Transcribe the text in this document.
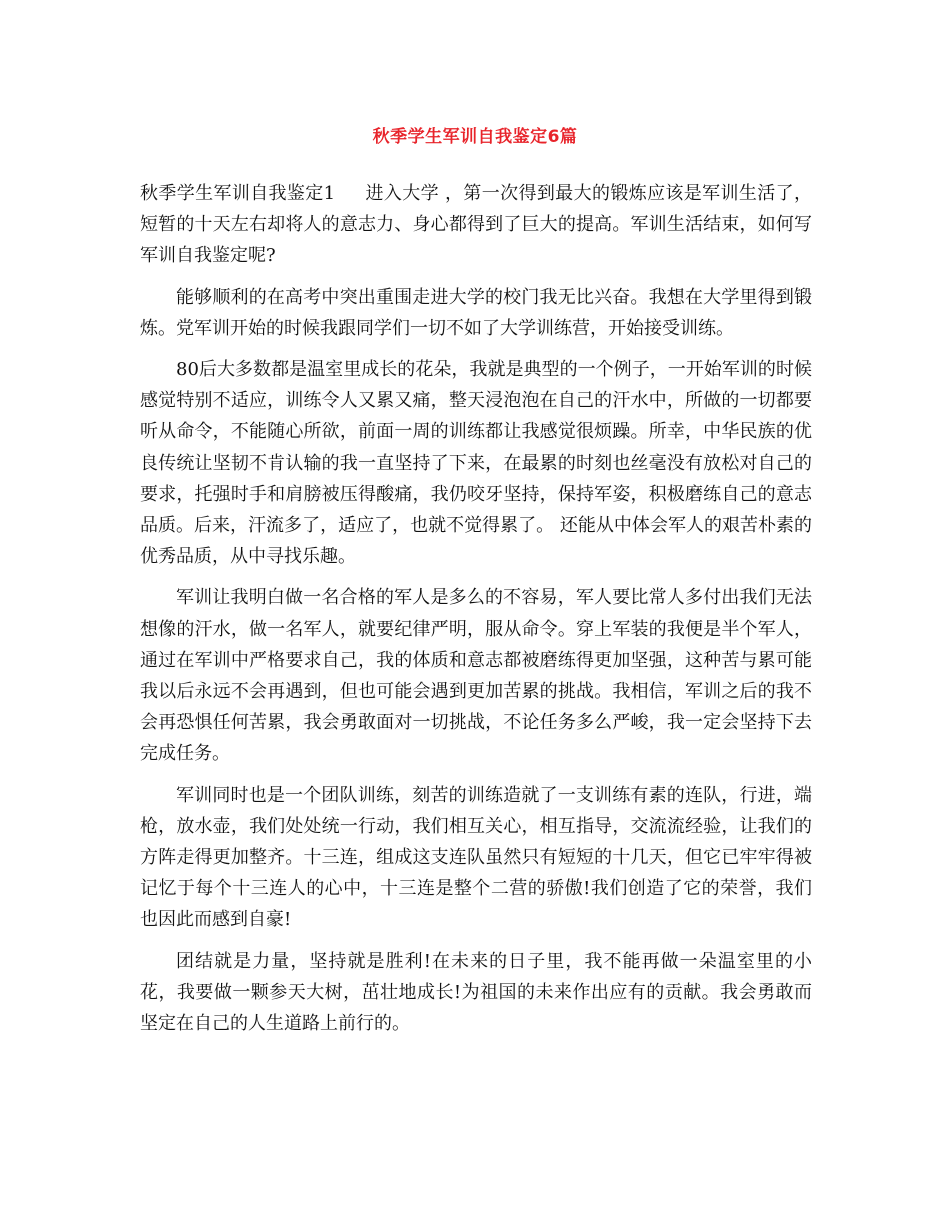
秋季学生军训自我鉴定6篇

秋季学生军训自我鉴定1 进入大学 ，第一次得到最大的锻炼应该是军训生活了，短暂的十天左右却将人的意志力、身心都得到了巨大的提高。军训生活结束，如何写军训自我鉴定呢?

能够顺利的在高考中突出重围走进大学的校门我无比兴奋。我想在大学里得到锻炼。党军训开始的时候我跟同学们一切不如了大学训练营，开始接受训练。

80后大多数都是温室里成长的花朵，我就是典型的一个例子，一开始军训的时候感觉特别不适应，训练令人又累又痛，整天浸泡泡在自己的汗水中，所做的一切都要听从命令，不能随心所欲，前面一周的训练都让我感觉很烦躁。所幸，中华民族的优良传统让坚韧不肯认输的我一直坚持了下来，在最累的时刻也丝毫没有放松对自己的要求，托强时手和肩膀被压得酸痛，我仍咬牙坚持，保持军姿，积极磨练自己的意志品质。后来，汗流多了，适应了，也就不觉得累了。 还能从中体会军人的艰苦朴素的优秀品质，从中寻找乐趣。

军训让我明白做一名合格的军人是多么的不容易，军人要比常人多付出我们无法想像的汗水，做一名军人，就要纪律严明，服从命令。穿上军装的我便是半个军人，通过在军训中严格要求自己，我的体质和意志都被磨练得更加坚强，这种苦与累可能我以后永远不会再遇到，但也可能会遇到更加苦累的挑战。我相信，军训之后的我不会再恐惧任何苦累，我会勇敢面对一切挑战，不论任务多么严峻，我一定会坚持下去完成任务。

军训同时也是一个团队训练，刻苦的训练造就了一支训练有素的连队，行进，端枪，放水壶，我们处处统一行动，我们相互关心，相互指导，交流流经验，让我们的方阵走得更加整齐。十三连，组成这支连队虽然只有短短的十几天，但它已牢牢得被记忆于每个十三连人的心中，十三连是整个二营的骄傲!我们创造了它的荣誉，我们也因此而感到自豪!

团结就是力量，坚持就是胜利!在未来的日子里，我不能再做一朵温室里的小花，我要做一颗参天大树，茁壮地成长!为祖国的未来作出应有的贡献。我会勇敢而坚定在自己的人生道路上前行的。
